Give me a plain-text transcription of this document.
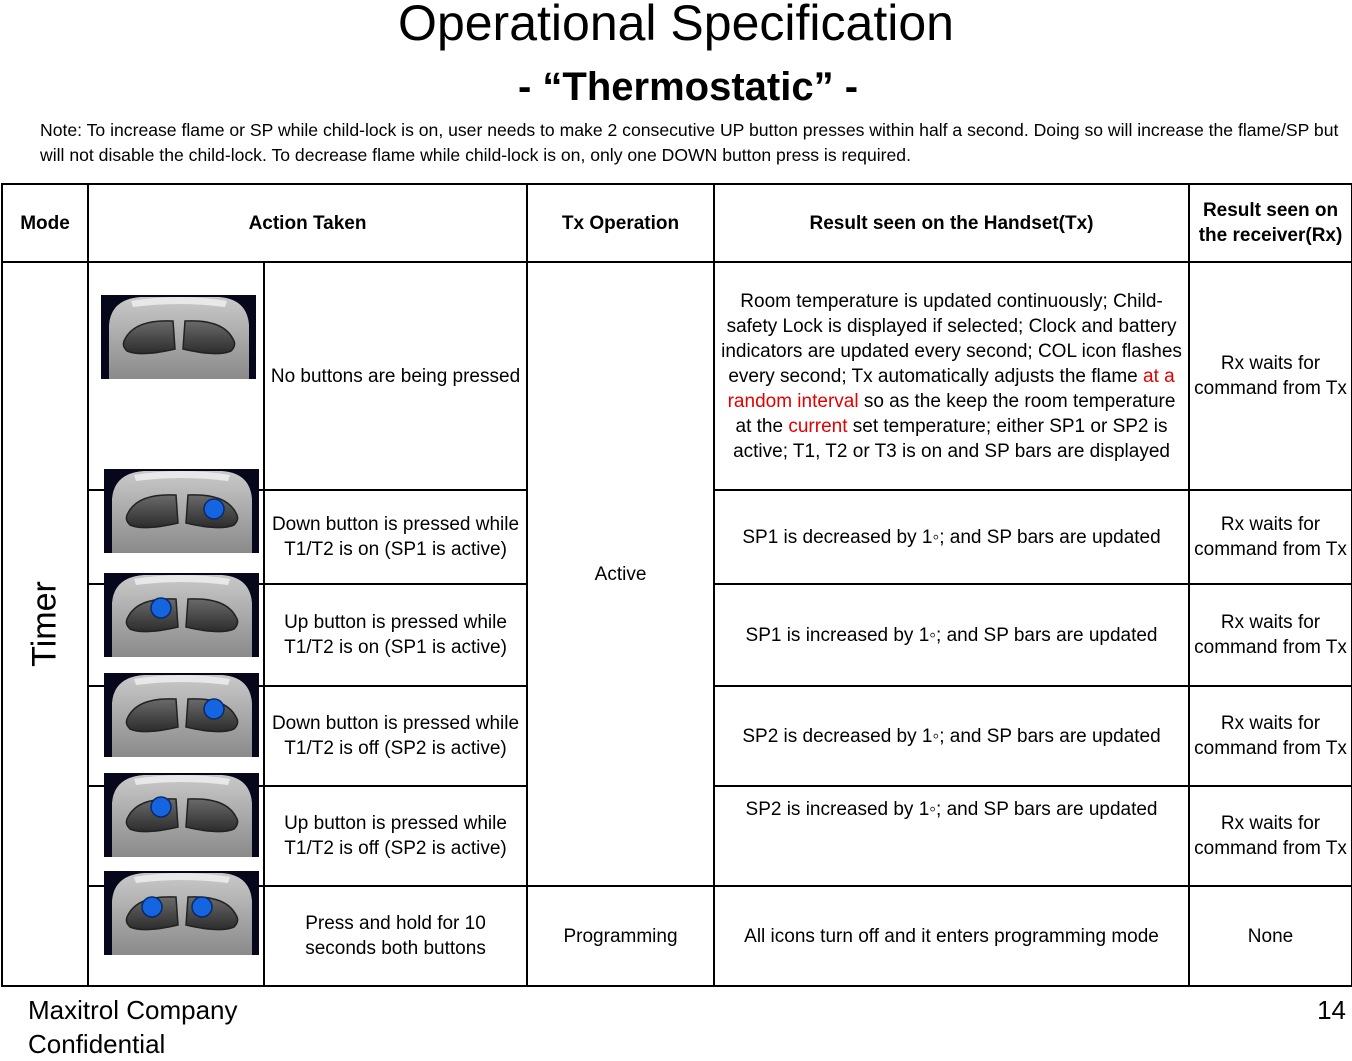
Operational Specification
- “Thermostatic” -

Note: To increase flame or SP while child-lock is on, user needs to make 2 consecutive UP button presses within half a second. Doing so will increase the flame/SP but will not disable the child-lock. To decrease flame while child-lock is on, only one DOWN button press is required.

Mode	Action Taken		Tx Operation	Result seen on the Handset(Tx)	Result seen on the receiver(Rx)

Timer		No buttons are being pressed	Active	Room temperature is updated continuously; Child-safety Lock is displayed if selected; Clock and battery indicators are updated every second; COL icon flashes every second; Tx automatically adjusts the flame at a random interval so as the keep the room temperature at the current set temperature; either SP1 or SP2 is active; T1, T2 or T3 is on and SP bars are displayed	Rx waits for command from Tx

	Down button is pressed while T1/T2 is on (SP1 is active)		SP1 is decreased by 1◦; and SP bars are updated	Rx waits for command from Tx

	Up button is pressed while T1/T2 is on (SP1 is active)		SP1 is increased by 1◦; and SP bars are updated	Rx waits for command from Tx

	Down button is pressed while T1/T2 is off (SP2 is active)		SP2 is decreased by 1◦; and SP bars are updated	Rx waits for command from Tx

	Up button is pressed while T1/T2 is off (SP2 is active)		SP2 is increased by 1◦; and SP bars are updated	Rx waits for command from Tx

	Press and hold for 10 seconds both buttons	Programming	All icons turn off and it enters programming mode	None
Maxitrol Company
Confidential
14
